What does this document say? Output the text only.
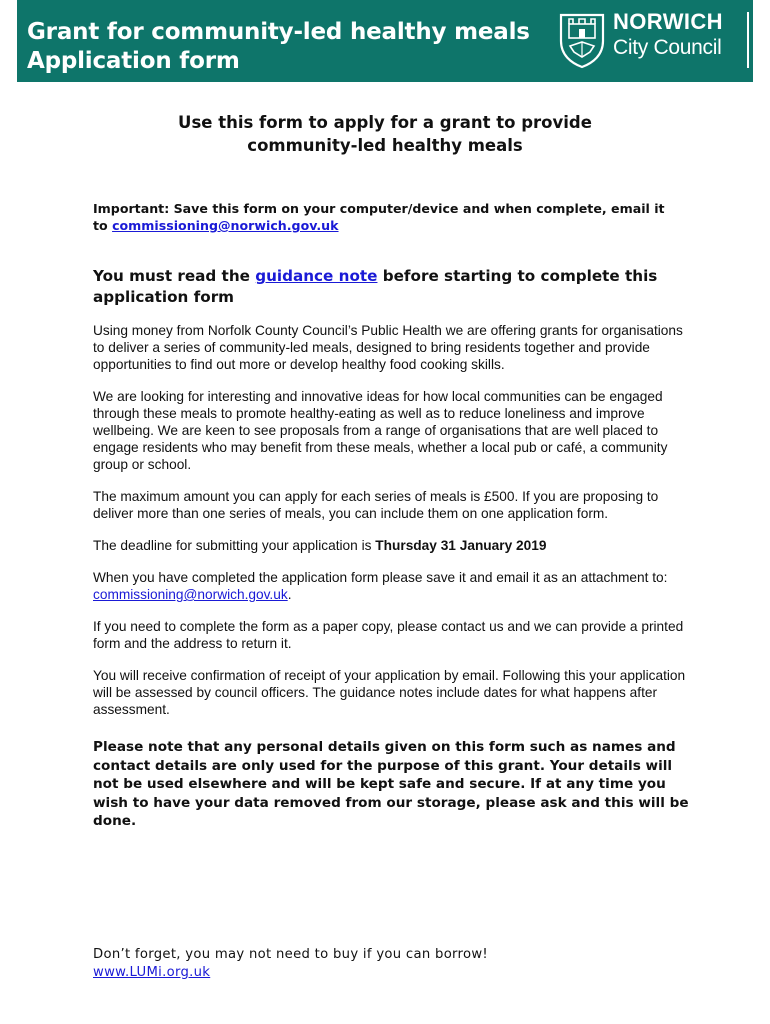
Grant for community-led healthy meals
Application form
NORWICH
City Council
Use this form to apply for a grant to provide
community-led healthy meals
Important: Save this form on your computer/device and when complete, email it to commissioning@norwich.gov.uk
You must read the guidance note before starting to complete this application form

Using money from Norfolk County Council’s Public Health we are offering grants for organisations to deliver a series of community-led meals, designed to bring residents together and provide opportunities to find out more or develop healthy food cooking skills.

We are looking for interesting and innovative ideas for how local communities can be engaged through these meals to promote healthy-eating as well as to reduce loneliness and improve wellbeing. We are keen to see proposals from a range of organisations that are well placed to engage residents who may benefit from these meals, whether a local pub or café, a community group or school.

The maximum amount you can apply for each series of meals is £500. If you are proposing to deliver more than one series of meals, you can include them on one application form.

The deadline for submitting your application is Thursday 31 January 2019

When you have completed the application form please save it and email it as an attachment to: commissioning@norwich.gov.uk.

If you need to complete the form as a paper copy, please contact us and we can provide a printed form and the address to return it.

You will receive confirmation of receipt of your application by email. Following this your application will be assessed by council officers. The guidance notes include dates for what happens after assessment.

Please note that any personal details given on this form such as names and contact details are only used for the purpose of this grant. Your details will not be used elsewhere and will be kept safe and secure. If at any time you wish to have your data removed from our storage, please ask and this will be done.

Don’t forget, you may not need to buy if you can borrow!
www.LUMi.org.uk
